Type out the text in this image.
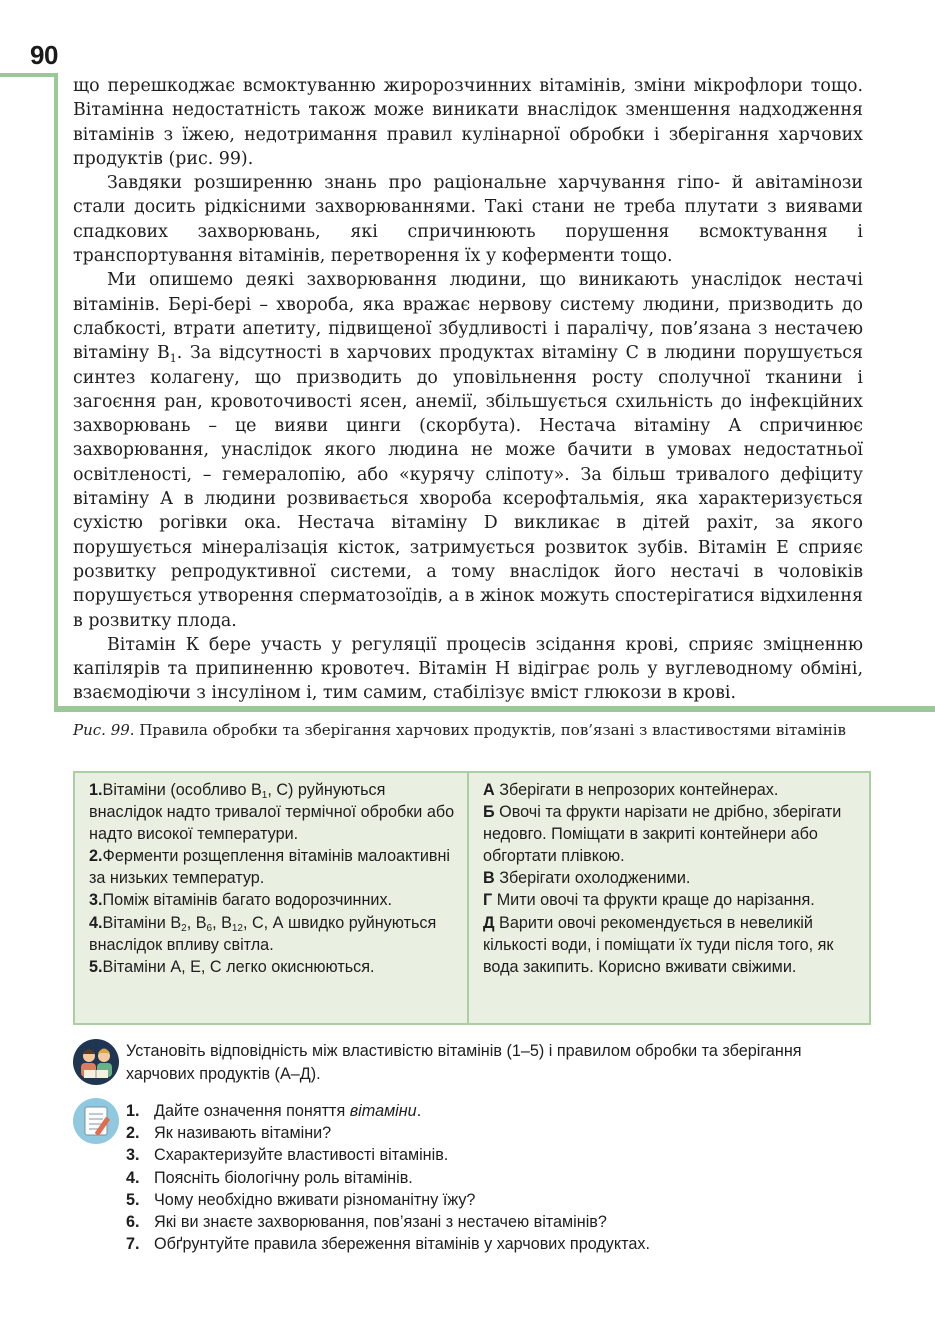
90

що перешкоджає всмоктуванню жиророзчинних вітамінів, зміни мікрофлори тощо. Вітамінна недостатність також може виникати внаслідок зменшення надходження вітамінів з їжею, недотримання правил кулінарної обробки і зберігання харчових продуктів (рис. 99).

Завдяки розширенню знань про раціональне харчування гіпо- й авітамінози стали досить рідкісними захворюваннями. Такі стани не треба плутати з виявами спадкових захворювань, які спричинюють порушення всмоктування і транспортування вітамінів, перетворення їх у коферменти тощо.

Ми опишемо деякі захворювання людини, що виникають унаслідок нестачі вітамінів. Бері-бері – хвороба, яка вражає нервову систему людини, призводить до слабкості, втрати апетиту, підвищеної збудливості і паралічу, пов’язана з нестачею вітаміну $В_1$. За відсутності в харчових продуктах вітаміну С в людини порушується синтез колагену, що призводить до уповільнення росту сполучної тканини і загоєння ран, кровоточивості ясен, анемії, збільшується схильність до інфекційних захворювань – це вияви цинги (скорбута). Нестача вітаміну А спричинює захворювання, унаслідок якого людина не може бачити в умовах недостатньої освітленості, – гемералопію, або «курячу сліпоту». За більш тривалого дефіциту вітаміну А в людини розвивається хвороба ксерофтальмія, яка характеризується сухістю рогівки ока. Нестача вітаміну D викликає в дітей рахіт, за якого порушується мінералізація кісток, затримується розвиток зубів. Вітамін Е сприяє розвитку репродуктивної системи, а тому внаслідок його нестачі в чоловіків порушується утворення сперматозоїдів, а в жінок можуть спостерігатися відхилення в розвитку плода.

Вітамін К бере участь у регуляції процесів зсідання крові, сприяє зміцненню капілярів та припиненню кровотеч. Вітамін Н відіграє роль у вуглеводному обміні, взаємодіючи з інсуліном і, тим самим, стабілізує вміст глюкози в крові.

Рис. 99. Правила обробки та зберігання харчових продуктів, пов’язані з властивостями вітамінів
1.Вітаміни (особливо В1, С) руйнуються внаслідок надто тривалої термічної обробки або надто високої температури.
2.Ферменти розщеплення вітамінів малоактивні за низьких температур.
3.Поміж вітамінів багато водорозчинних.
4.Вітаміни В2, В6, В12, С, А швидко руйнуються внаслідок впливу світла.
5.Вітаміни А, Е, С легко окиснюються.
А Зберігати в непрозорих контейнерах.
Б Овочі та фрукти нарізати не дрібно, зберігати недовго. Поміщати в закриті контейнери або обгортати плівкою.
В Зберігати охолодженими.
Г Мити овочі та фрукти краще до нарізання.
Д Варити овочі рекомендується в невеликій кількості води, і поміщати їх туди після того, як вода закипить. Корисно вживати свіжими.
Установіть відповідність між властивістю вітамінів (1–5) і правилом обробки та зберігання харчових продуктів (А–Д).
1. Дайте означення поняття вітаміни.
2. Як називають вітаміни?
3. Схарактеризуйте властивості вітамінів.
4. Поясніть біологічну роль вітамінів.
5. Чому необхідно вживати різноманітну їжу?
6. Які ви знаєте захворювання, пов’язані з нестачею вітамінів?
7. Обґрунтуйте правила збереження вітамінів у харчових продуктах.
